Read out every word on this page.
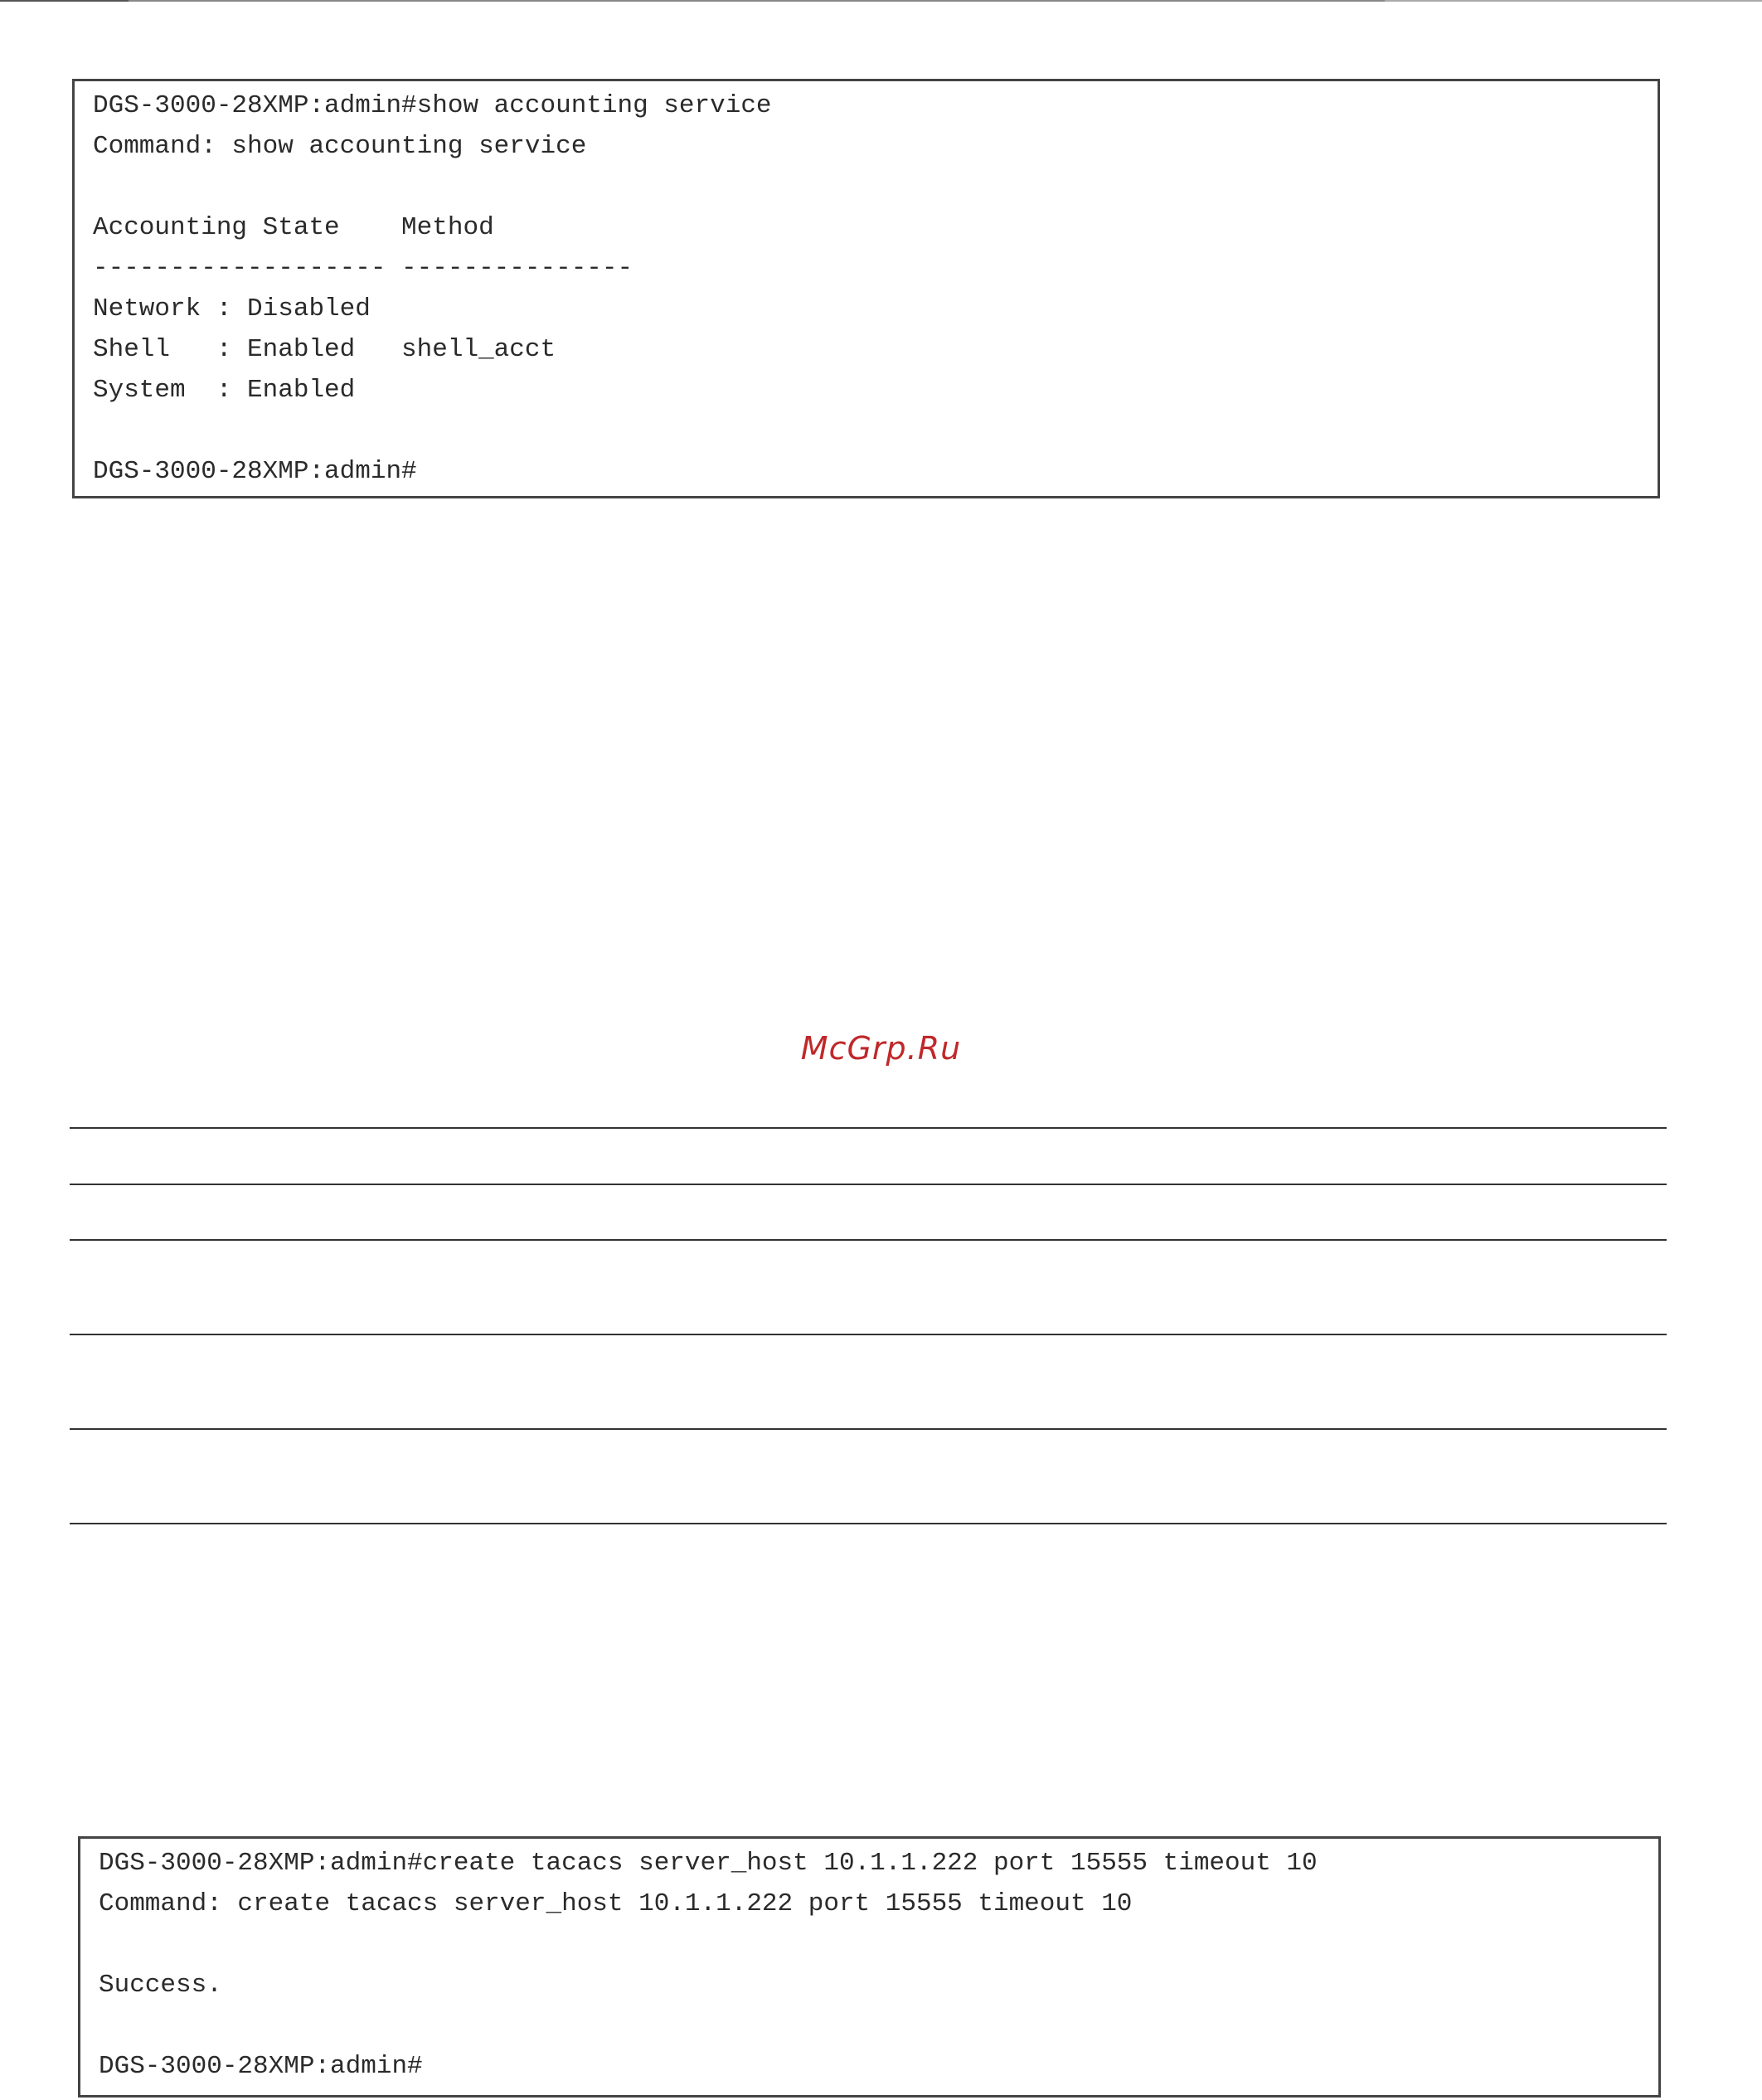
DGS-3000-28XMP:admin#show accounting service
Command: show accounting service
Accounting State    Method
------------------- ---------------
Network : Disabled
Shell   : Enabled   shell_acct
System  : Enabled
DGS-3000-28XMP:admin#
McGrp.Ru
DGS-3000-28XMP:admin#create tacacs server_host 10.1.1.222 port 15555 timeout 10
Command: create tacacs server_host 10.1.1.222 port 15555 timeout 10
Success.
DGS-3000-28XMP:admin#
